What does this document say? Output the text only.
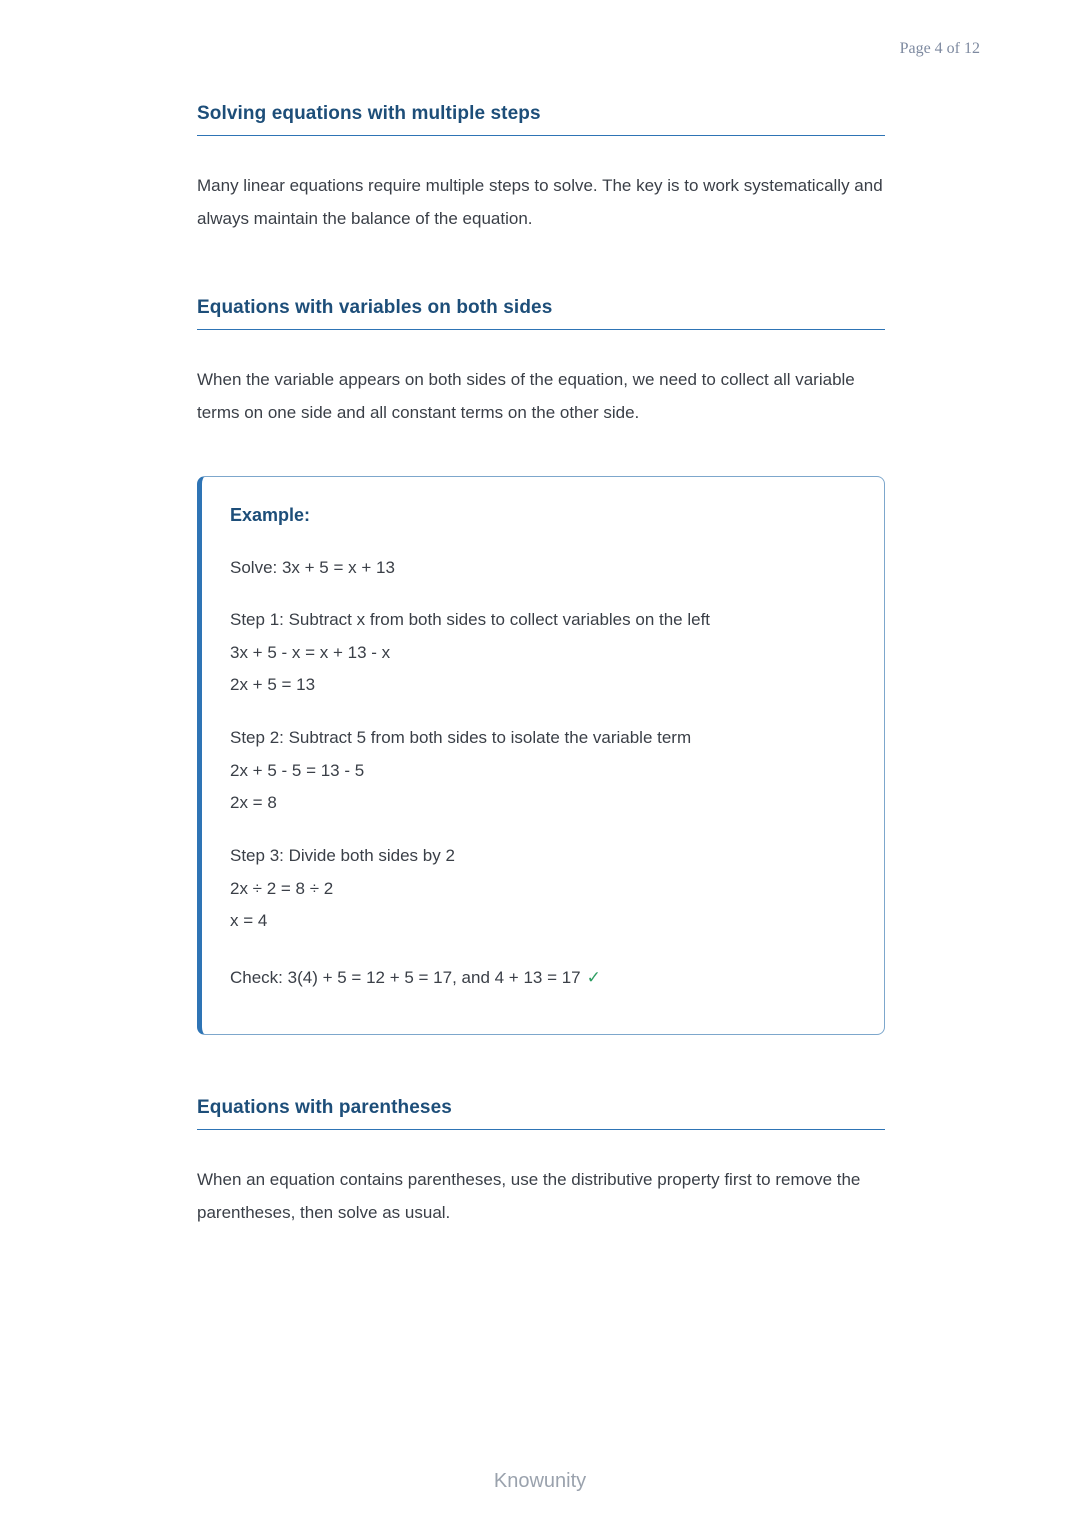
Page 4 of 12
Solving equations with multiple steps

Many linear equations require multiple steps to solve. The key is to work systematically and always maintain the balance of the equation.

Equations with variables on both sides

When the variable appears on both sides of the equation, we need to collect all variable terms on one side and all constant terms on the other side.

Example:

Solve: 3x + 5 = x + 13

Step 1: Subtract x from both sides to collect variables on the left

3x + 5 - x = x + 13 - x

2x + 5 = 13

Step 2: Subtract 5 from both sides to isolate the variable term

2x + 5 - 5 = 13 - 5

2x = 8

Step 3: Divide both sides by 2

2x ÷ 2 = 8 ÷ 2

x = 4

Check: 3(4) + 5 = 12 + 5 = 17, and 4 + 13 = 17 ✓

Equations with parentheses

When an equation contains parentheses, use the distributive property first to remove the parentheses, then solve as usual.

Knowunity
